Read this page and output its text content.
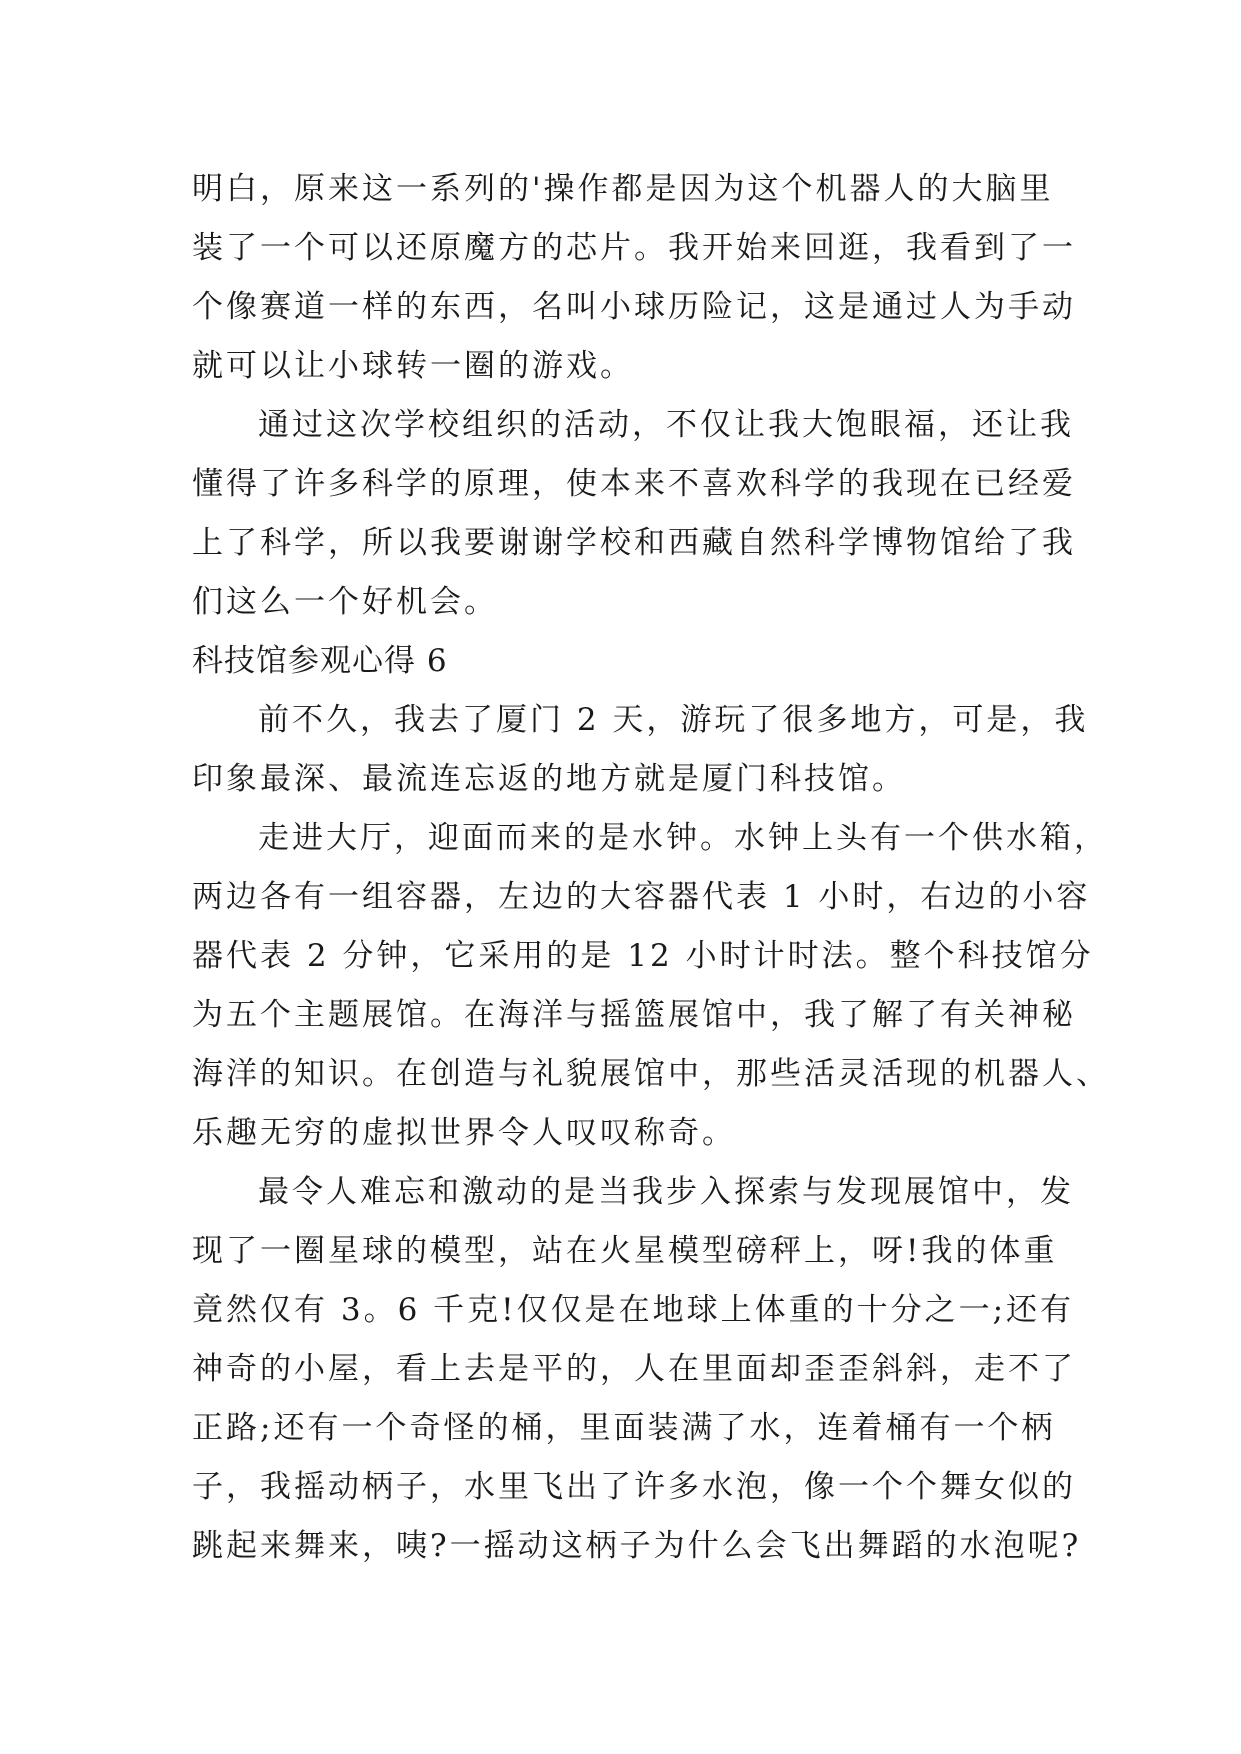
明白，原来这一系列的'操作都是因为这个机器人的大脑里
装了一个可以还原魔方的芯片。我开始来回逛，我看到了一
个像赛道一样的东西，名叫小球历险记，这是通过人为手动
就可以让小球转一圈的游戏。
通过这次学校组织的活动，不仅让我大饱眼福，还让我
懂得了许多科学的原理，使本来不喜欢科学的我现在已经爱
上了科学，所以我要谢谢学校和西藏自然科学博物馆给了我
们这么一个好机会。
科技馆参观心得 6
前不久，我去了厦门 2 天，游玩了很多地方，可是，我
印象最深、最流连忘返的地方就是厦门科技馆。
走进大厅，迎面而来的是水钟。水钟上头有一个供水箱，
两边各有一组容器，左边的大容器代表 1 小时，右边的小容
器代表 2 分钟，它采用的是 12 小时计时法。整个科技馆分
为五个主题展馆。在海洋与摇篮展馆中，我了解了有关神秘
海洋的知识。在创造与礼貌展馆中，那些活灵活现的机器人、
乐趣无穷的虚拟世界令人叹叹称奇。
最令人难忘和激动的是当我步入探索与发现展馆中，发
现了一圈星球的模型，站在火星模型磅秤上，呀!我的体重
竟然仅有 3。6 千克!仅仅是在地球上体重的十分之一;还有
神奇的小屋，看上去是平的，人在里面却歪歪斜斜，走不了
正路;还有一个奇怪的桶，里面装满了水，连着桶有一个柄
子，我摇动柄子，水里飞出了许多水泡，像一个个舞女似的
跳起来舞来，咦?一摇动这柄子为什么会飞出舞蹈的水泡呢?
